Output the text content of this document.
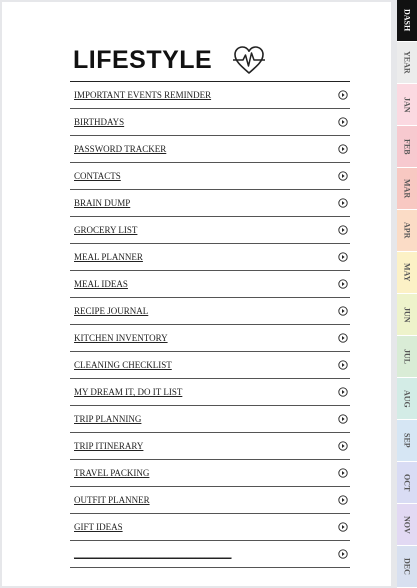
LIFESTYLE
IMPORTANT EVENTS REMINDER
BIRTHDAYS
PASSWORD TRACKER
CONTACTS
BRAIN DUMP
GROCERY LIST
MEAL PLANNER
MEAL IDEAS
RECIPE JOURNAL
KITCHEN INVENTORY
CLEANING CHECKLIST
MY DREAM IT, DO IT LIST
TRIP PLANNING
TRIP ITINERARY
TRAVEL PACKING
OUTFIT PLANNER
GIFT IDEAS
___________________________________
DASH
YEAR
JAN
FEB
MAR
APR
MAY
JUN
JUL
AUG
SEP
OCT
NOV
DEC
